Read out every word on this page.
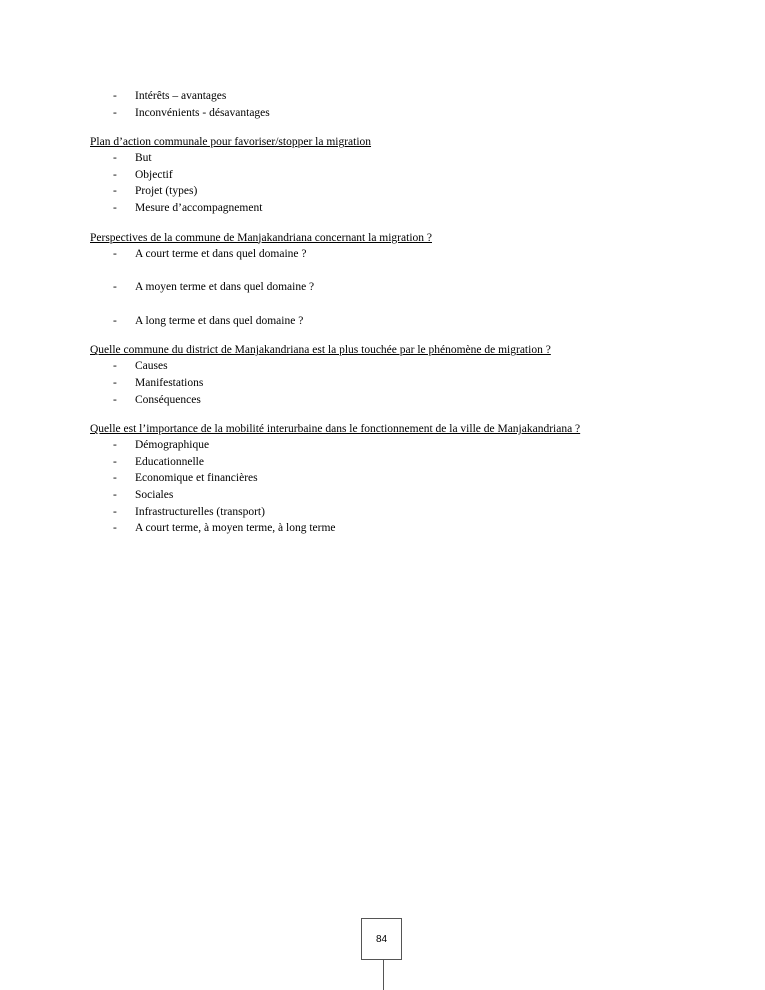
- Intérêts – avantages
- Inconvénients - désavantages
Plan d’action communale pour favoriser/stopper la migration
- But
- Objectif
- Projet (types)
- Mesure d’accompagnement
Perspectives de la commune de Manjakandriana concernant la migration ?
- A court terme et dans quel domaine ?
- A moyen terme et dans quel domaine ?
- A long terme et dans quel domaine ?
Quelle commune du district de Manjakandriana est la plus touchée par le phénomène de migration ?
- Causes
- Manifestations
- Conséquences
Quelle est l’importance de la mobilité interurbaine dans le fonctionnement de la ville de Manjakandriana ?
- Démographique
- Educationnelle
- Economique et financières
- Sociales
- Infrastructurelles (transport)
- A court terme, à moyen terme, à long terme
84
